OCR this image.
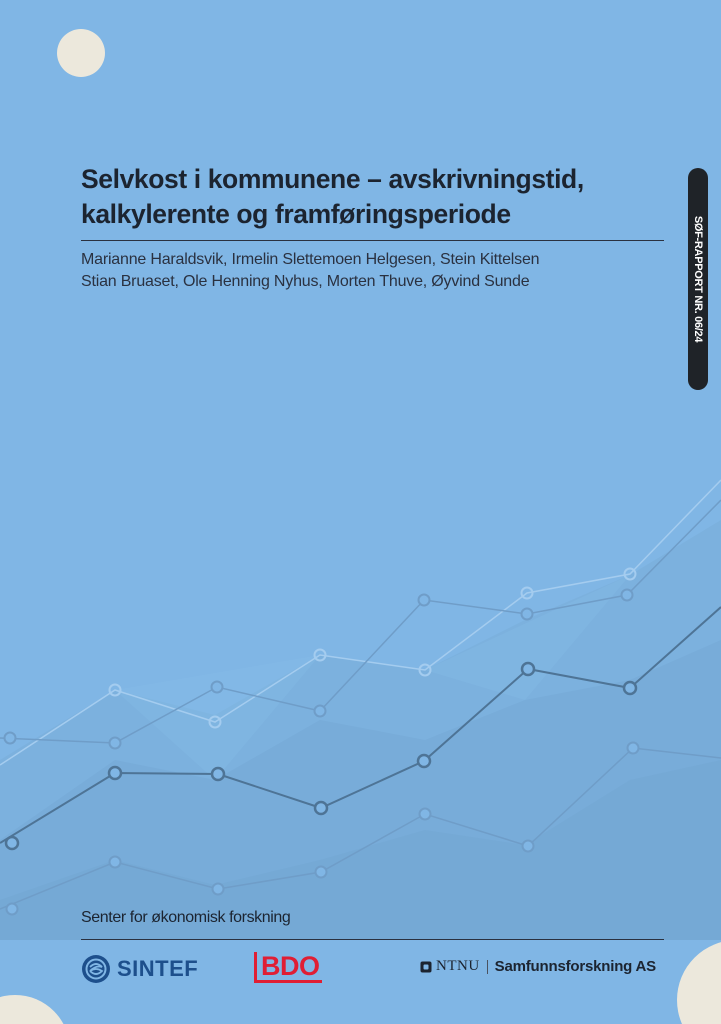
Selvkost i kommunene – avskrivningstid,
kalkylerente og framføringsperiode
Marianne Haraldsvik, Irmelin Slettemoen Helgesen, Stein Kittelsen
Stian Bruaset, Ole Henning Nyhus, Morten Thuve, Øyvind Sunde	SØF-RAPPORT NR. 06/24
Senter for økonomisk forskning
SINTEF BDO	NTNU Samfunnsforskning AS
